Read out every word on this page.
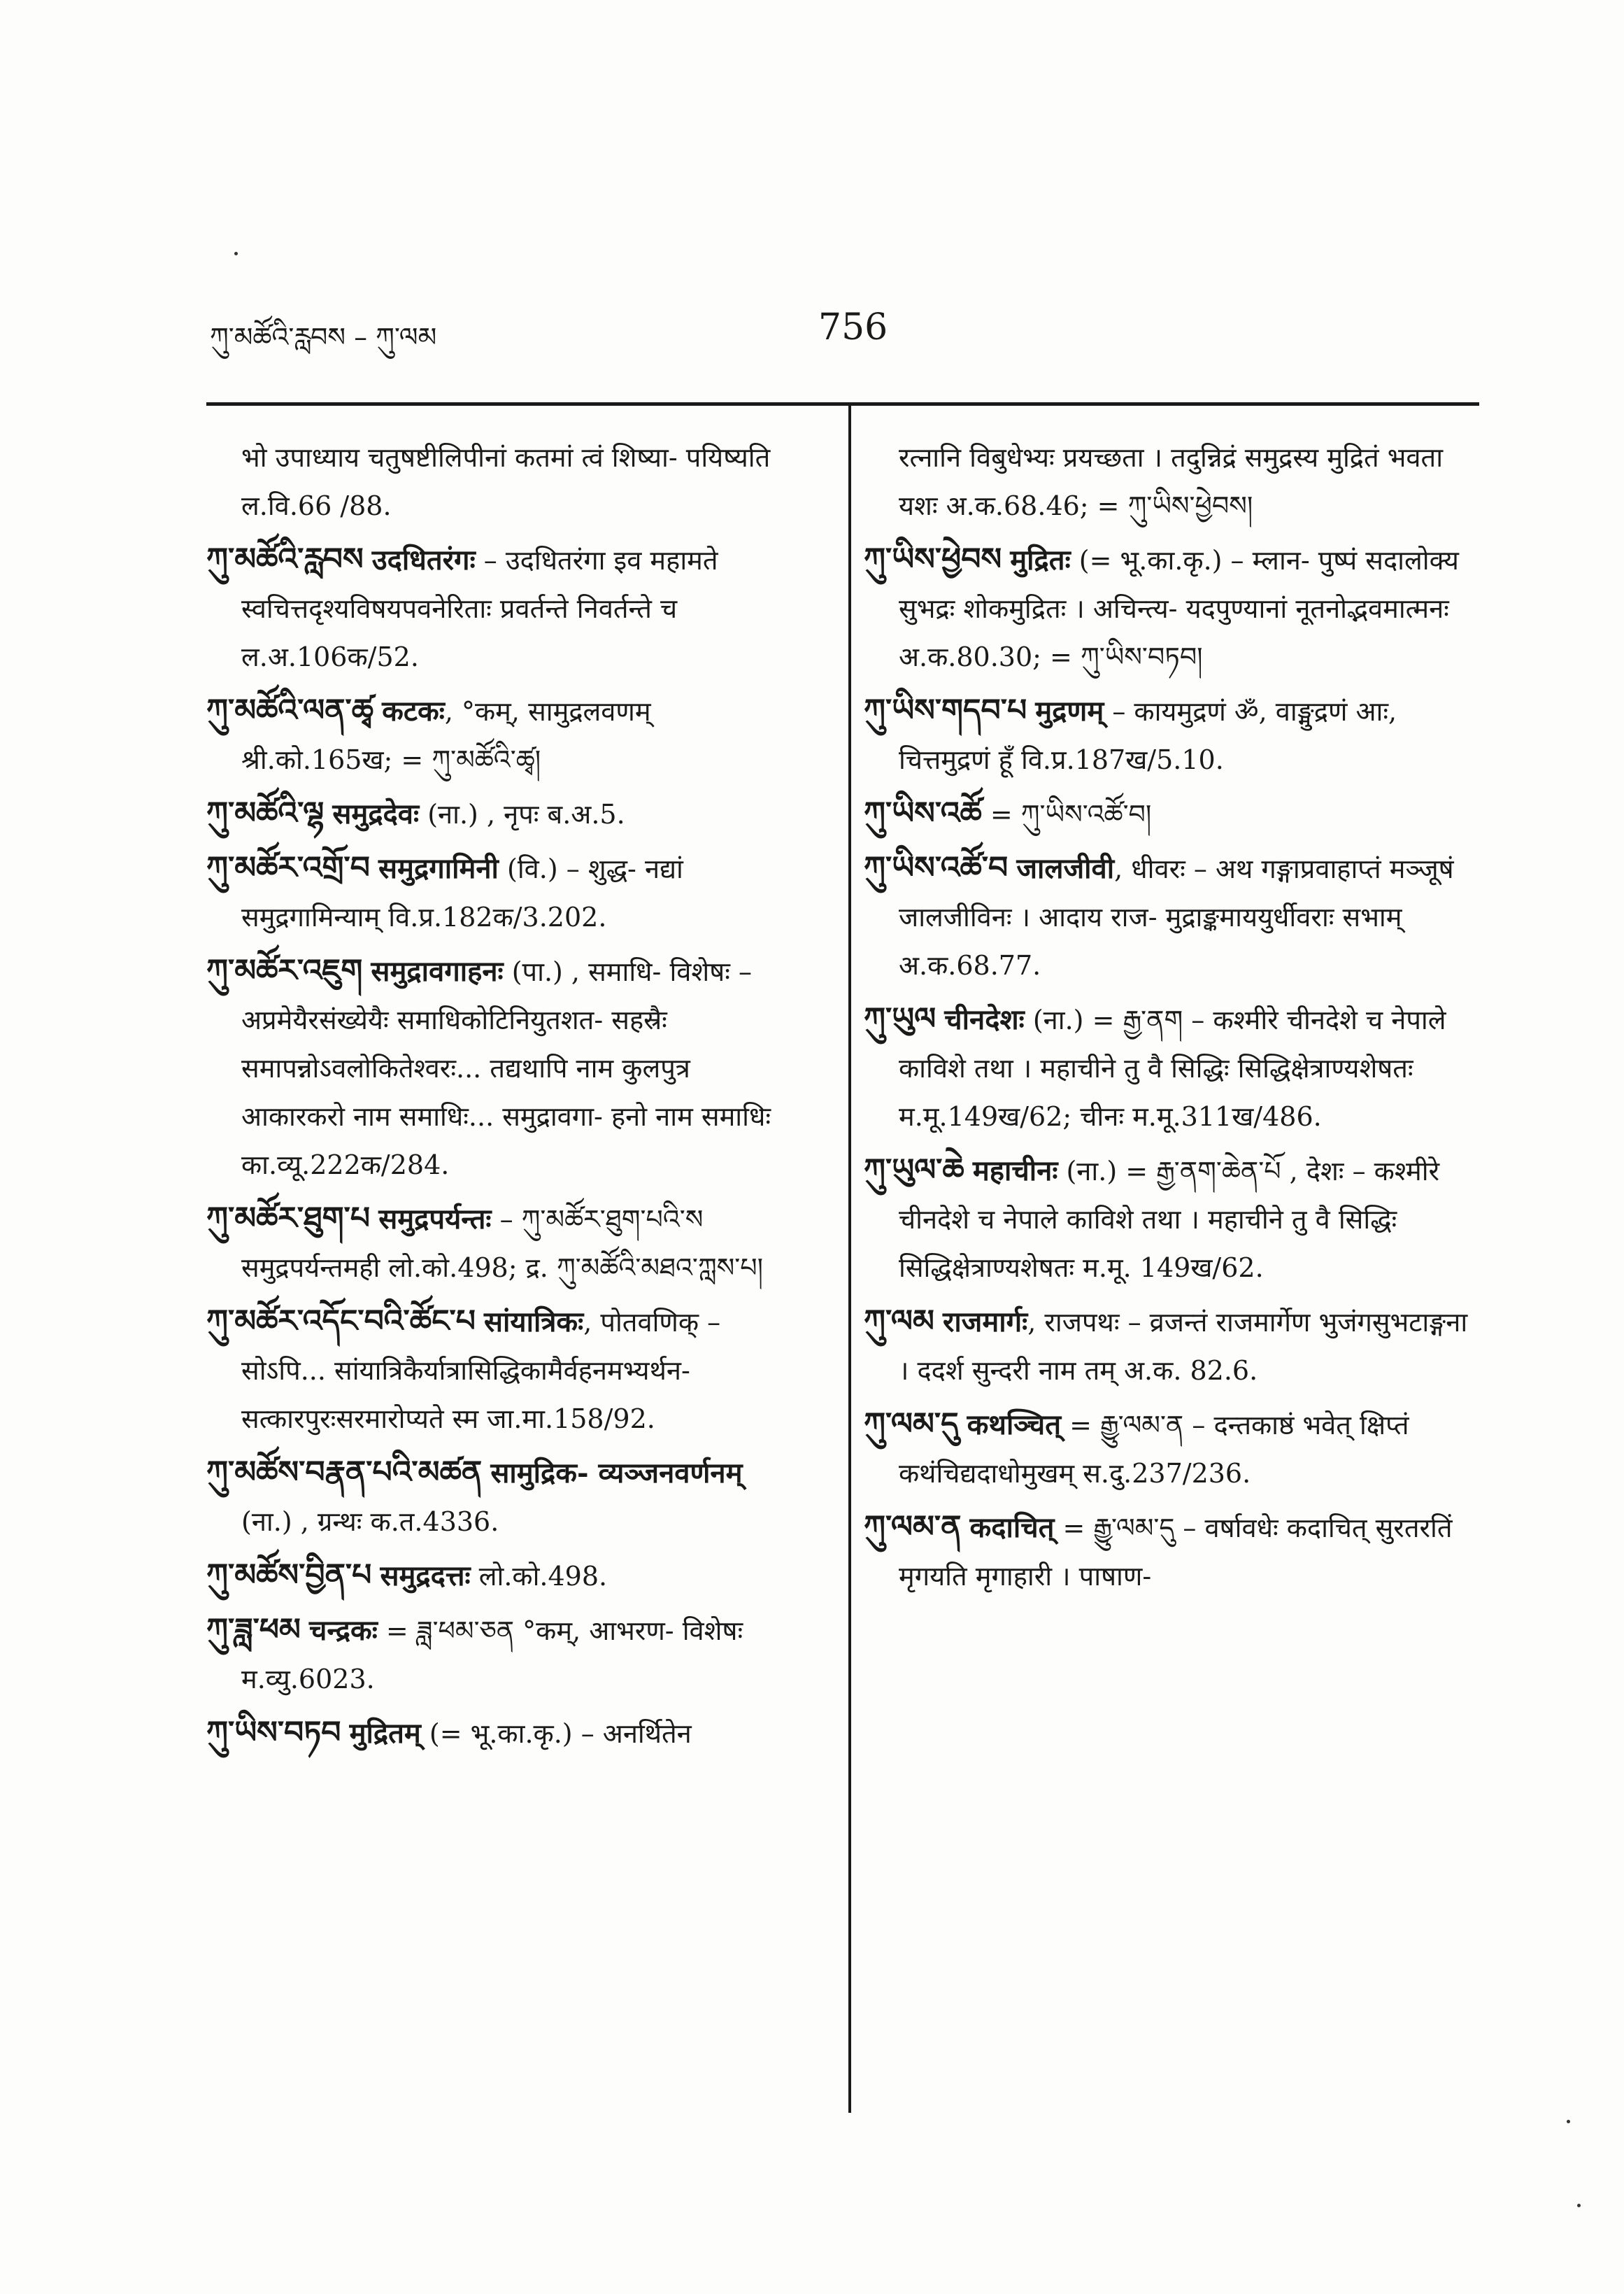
ཀུ་མཚོའི་རླབས – ཀུ་ལམ	756

भो उपाध्याय चतुषष्टीलिपीनां कतमां त्वं शिष्या- पयिष्यति ल.वि.66 /88.

ཀུ་མཚོའི་རླབས उदधितरंगः – उदधितरंगा इव महामते स्वचित्तदृश्यविषयपवनेरिताः प्रवर्तन्ते निवर्तन्ते च ल.अ.106क/52.

ཀུ་མཚོའི་ལན་ཚྭ कटकः, °कम्, सामुद्रलवणम् श्री.को.165ख; = ཀུ་མཚོའི་ཚྭ།

ཀུ་མཚོའི་ལྷ समुद्रदेवः (ना.) , नृपः ब.अ.5.

ཀུ་མཚོར་འགྲོ་བ समुद्रगामिनी (वि.) – शुद्ध- नद्यां समुद्रगामिन्याम् वि.प्र.182क/3.202.

ཀུ་མཚོར་འཇུག समुद्रावगाहनः (पा.) , समाधि- विशेषः – अप्रमेयैरसंख्येयैः समाधिकोटिनियुतशत- सहस्रैः समापन्नोऽवलोकितेश्वरः... तद्यथापि नाम कुलपुत्र आकारकरो नाम समाधिः... समुद्रावगा- हनो नाम समाधिः का.व्यू.222क/284.

ཀུ་མཚོར་ཐུག་པ समुद्रपर्यन्तः – ཀུ་མཚོར་ཐུག་པའི་ས समुद्रपर्यन्तमही लो.को.498; द्र. ཀུ་མཚོའི་མཐའ་ཀླས་པ།

ཀུ་མཚོར་འདོང་བའི་ཚོང་པ सांयात्रिकः, पोतवणिक् – सोऽपि... सांयात्रिकैर्यात्रासिद्धिकामैर्वहनमभ्यर्थन- सत्कारपुरःसरमारोप्यते स्म जा.मा.158/92.

ཀུ་མཚོས་བརྣན་པའི་མཚན सामुद्रिक- व्यञ्जनवर्णनम् (ना.) , ग्रन्थः क.त.4336.

ཀུ་མཚོས་བྱིན་པ समुद्रदत्तः लो.को.498.

ཀུ་ཟླ་ཕམ चन्द्रकः = ཟླ་ཕམ་ཅན °कम्, आभरण- विशेषः म.व्यु.6023.

ཀུ་ཡིས་བཏབ मुद्रितम् (= भू.का.कृ.) – अनर्थितेन

रत्नानि विबुधेभ्यः प्रयच्छता । तदुन्निद्रं समुद्रस्य मुद्रितं भवता यशः अ.क.68.46; = ཀུ་ཡིས་ཕྱེབས།

ཀུ་ཡིས་ཕྱེབས मुद्रितः (= भू.का.कृ.) – म्लान- पुष्पं सदालोक्य सुभद्रः शोकमुद्रितः । अचिन्त्य- यदपुण्यानां नूतनोद्भवमात्मनः अ.क.80.30; = ཀུ་ཡིས་བཏབ།

ཀུ་ཡིས་གདབ་པ मुद्रणम् – कायमुद्रणं ॐ, वाङ्मुद्रणं आः, चित्तमुद्रणं हूँ वि.प्र.187ख/5.10.

ཀུ་ཡིས་འཚོ = ཀུ་ཡིས་འཚོ་བ།

ཀུ་ཡིས་འཚོ་བ जालजीवी, धीवरः – अथ गङ्गाप्रवाहाप्तं मञ्जूषं जालजीविनः । आदाय राज- मुद्राङ्कमाययुर्धीवराः सभाम् अ.क.68.77.

ཀུ་ཡུལ चीनदेशः (ना.) = རྒྱ་ནག – कश्मीरे चीनदेशे च नेपाले काविशे तथा । महाचीने तु वै सिद्धिः सिद्धिक्षेत्राण्यशेषतः म.मू.149ख/62; चीनः म.मू.311ख/486.

ཀུ་ཡུལ་ཆེ महाचीनः (ना.) = རྒྱ་ནག་ཆེན་པོ , देशः – कश्मीरे चीनदेशे च नेपाले काविशे तथा । महाचीने तु वै सिद्धिः सिद्धिक्षेत्राण्यशेषतः म.मू. 149ख/62.

ཀུ་ལམ राजमार्गः, राजपथः – व्रजन्तं राजमार्गेण भुजंगसुभटाङ्गना । ददर्श सुन्दरी नाम तम् अ.क. 82.6.

ཀུ་ལམ་དུ कथञ्चित् = རྒྱུ་ལམ་ན – दन्तकाष्ठं भवेत् क्षिप्तं कथंचिद्यदाधोमुखम् स.दु.237/236.

ཀུ་ལམ་ན कदाचित् = རྒྱུ་ལམ་དུ – वर्षावधेः कदाचित् सुरतरतिं मृगयति मृगाहारी । पाषाण-
